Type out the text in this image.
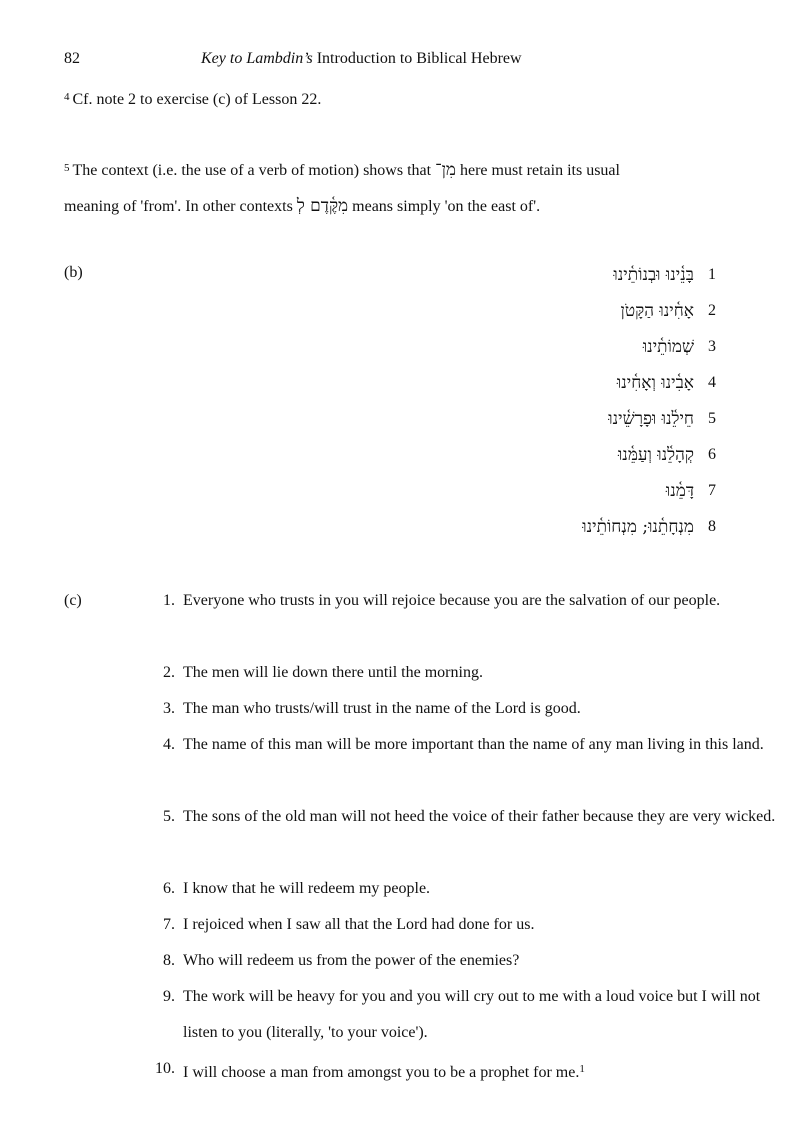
82	Key to Lambdin’s Introduction to Biblical Hebrew
$^4$ Cf. note 2 to exercise (c) of Lesson 22.
$^5$ The context (i.e. the use of a verb of motion) shows that מִן־ here must retain its usual
meaning of 'from'. In other contexts מִקֶּ֫דֶם לְ means simply 'on the east of'.
(b)	בָּנֵ֫ינוּ וּבְנוֹתֵ֫ינוּ 1
אָחִ֫ינוּ הַקָּטֹן 2
שְׁמוֹתֵ֫ינוּ 3
אָבִ֫ינוּ וְאָחִ֫ינוּ 4
חֵילֵ֫נוּ וּפָרָשֵׁ֫ינוּ 5
קְהָלֵ֫נוּ וְעַמֵּ֫נוּ 6
דָּמֵ֫נוּ 7
מִנְחָתֵ֫נוּ; מִנְחוֹתֵ֫ינוּ 8
(c)	1. Everyone who trusts in you will rejoice because you are the salvation of our people.
2. The men will lie down there until the morning.
3. The man who trusts/will trust in the name of the Lord is good.
4. The name of this man will be more important than the name of any man living in this land.
5. The sons of the old man will not heed the voice of their father because they are very wicked.
6. I know that he will redeem my people.
7. I rejoiced when I saw all that the Lord had done for us.
8. Who will redeem us from the power of the enemies?
9. The work will be heavy for you and you will cry out to me with a loud voice but I will not listen to you (literally, 'to your voice').
10. I will choose a man from amongst you to be a prophet for me.$^1$
